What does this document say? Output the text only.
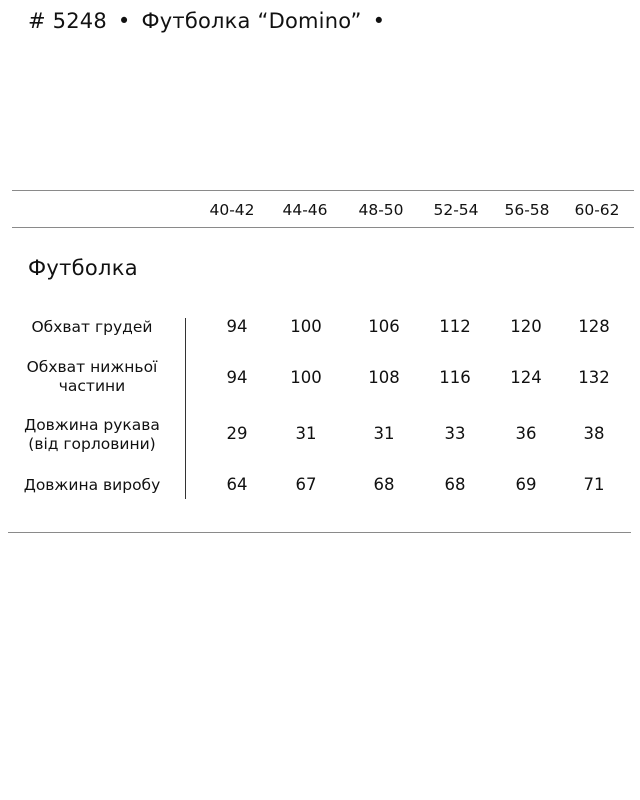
# 5248 • Футболка “Domino” •
40-42	44-46	48-50	52-54	56-58	60-62
Футболка
Обхват грудей	94	100	106	112	120	128
Обхват нижньої
частини	94	100	108	116	124	132
Довжина рукава
(від горловини)
29	31	31	33	36	38
Довжина виробу	64	67	68	68	69	71
